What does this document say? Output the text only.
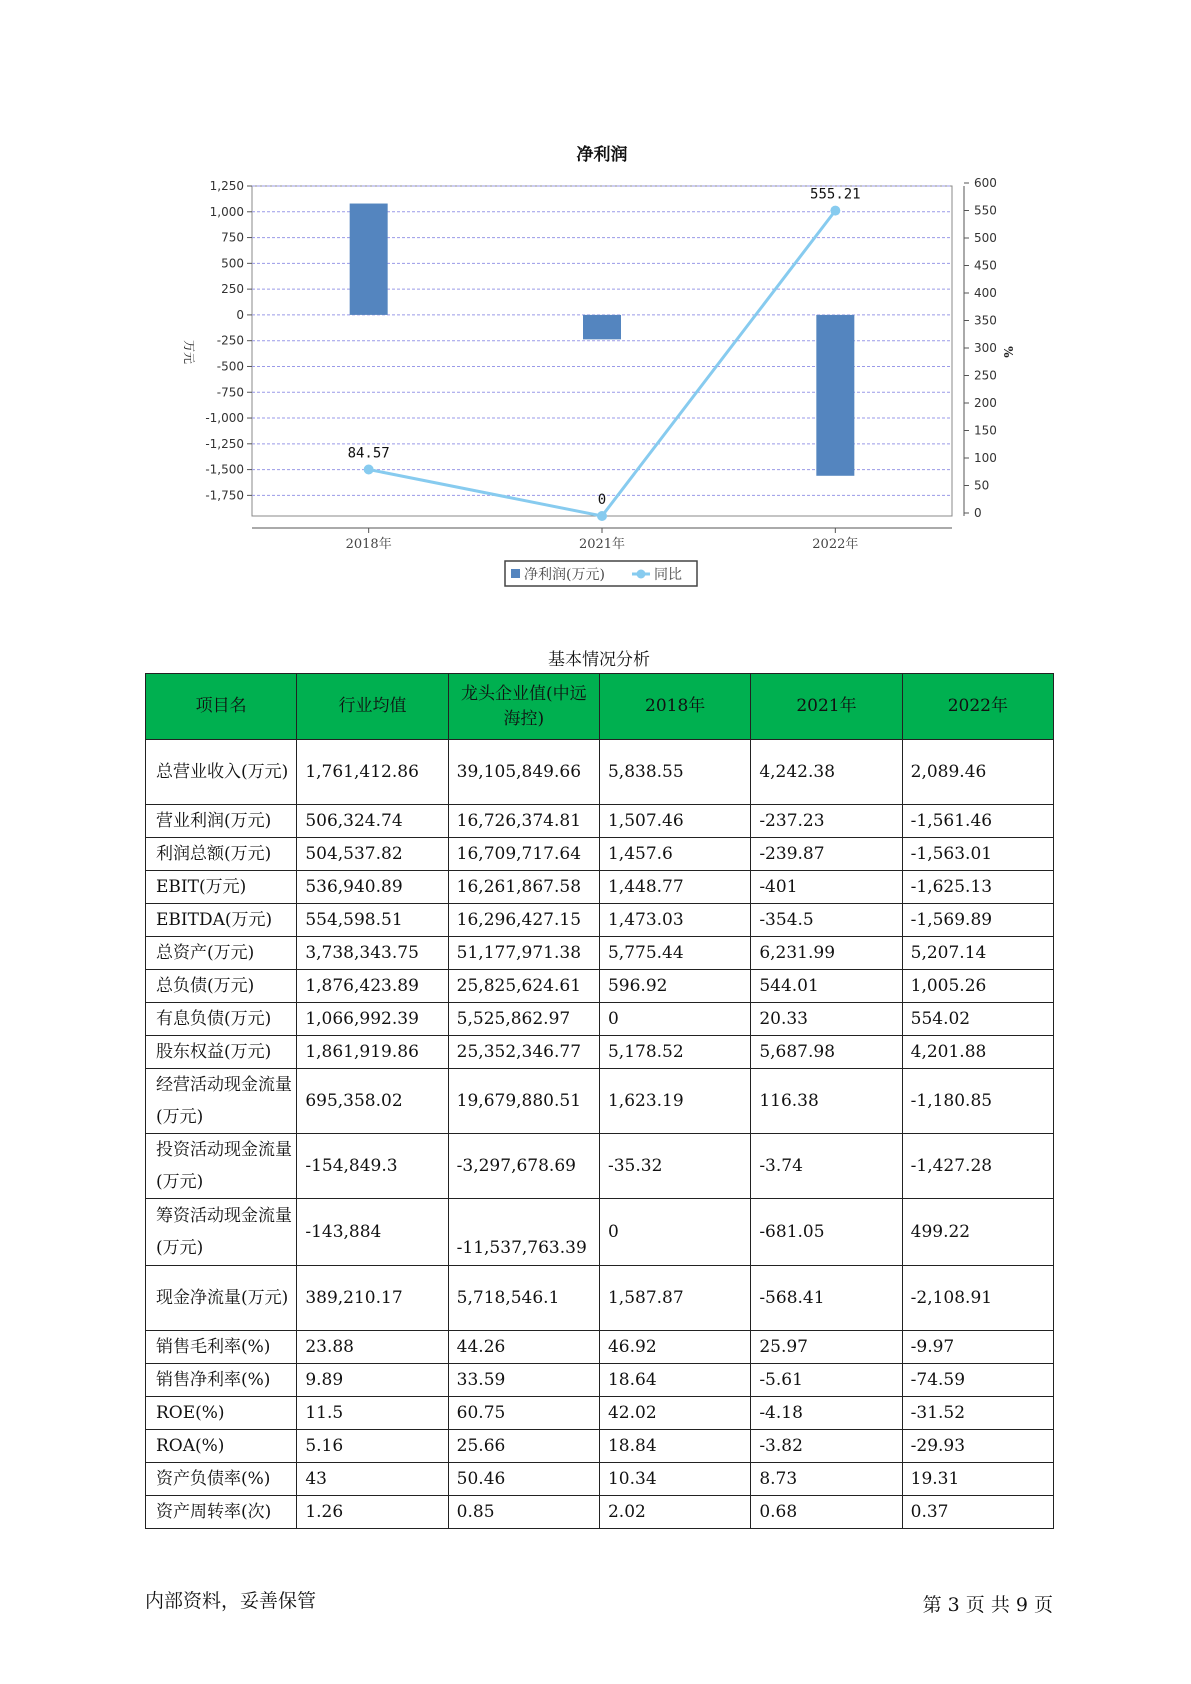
净利润
1,250
1,000
750
500
250
0
-250
-500
-750
-1,000
-1,250
-1,500
-1,750
600
550
500
450
400
350
300
250
200
150
100
50
0
2018年	2021年	2022年
万元	%
84.57
0
555.21
净利润(万元)	同比
基本情况分析
项目名	行业均值	龙头企业值(中远海控)	2018年	2021年	2022年
总营业收入(万元)	1,761,412.86	39,105,849.66	5,838.55	4,242.38	2,089.46
营业利润(万元)	506,324.74	16,726,374.81	1,507.46	-237.23	-1,561.46
利润总额(万元)	504,537.82	16,709,717.64	1,457.6	-239.87	-1,563.01
EBIT(万元)	536,940.89	16,261,867.58	1,448.77	-401	-1,625.13
EBITDA(万元)	554,598.51	16,296,427.15	1,473.03	-354.5	-1,569.89
总资产(万元)	3,738,343.75	51,177,971.38	5,775.44	6,231.99	5,207.14
总负债(万元)	1,876,423.89	25,825,624.61	596.92	544.01	1,005.26
有息负债(万元)	1,066,992.39	5,525,862.97	0	20.33	554.02
股东权益(万元)	1,861,919.86	25,352,346.77	5,178.52	5,687.98	4,201.88
经营活动现金流量(万元)	695,358.02	19,679,880.51	1,623.19	116.38	-1,180.85
投资活动现金流量(万元)	-154,849.3	-3,297,678.69	-35.32	-3.74	-1,427.28
筹资活动现金流量(万元)	-143,884	-11,537,763.39	0	-681.05	499.22
现金净流量(万元)	389,210.17	5,718,546.1	1,587.87	-568.41	-2,108.91
销售毛利率(%)	23.88	44.26	46.92	25.97	-9.97
销售净利率(%)	9.89	33.59	18.64	-5.61	-74.59
ROE(%)	11.5	60.75	42.02	-4.18	-31.52
ROA(%)	5.16	25.66	18.84	-3.82	-29.93
资产负债率(%)	43	50.46	10.34	8.73	19.31
资产周转率(次)	1.26	0.85	2.02	0.68	0.37
内部资料，妥善保管	第 3 页 共 9 页
